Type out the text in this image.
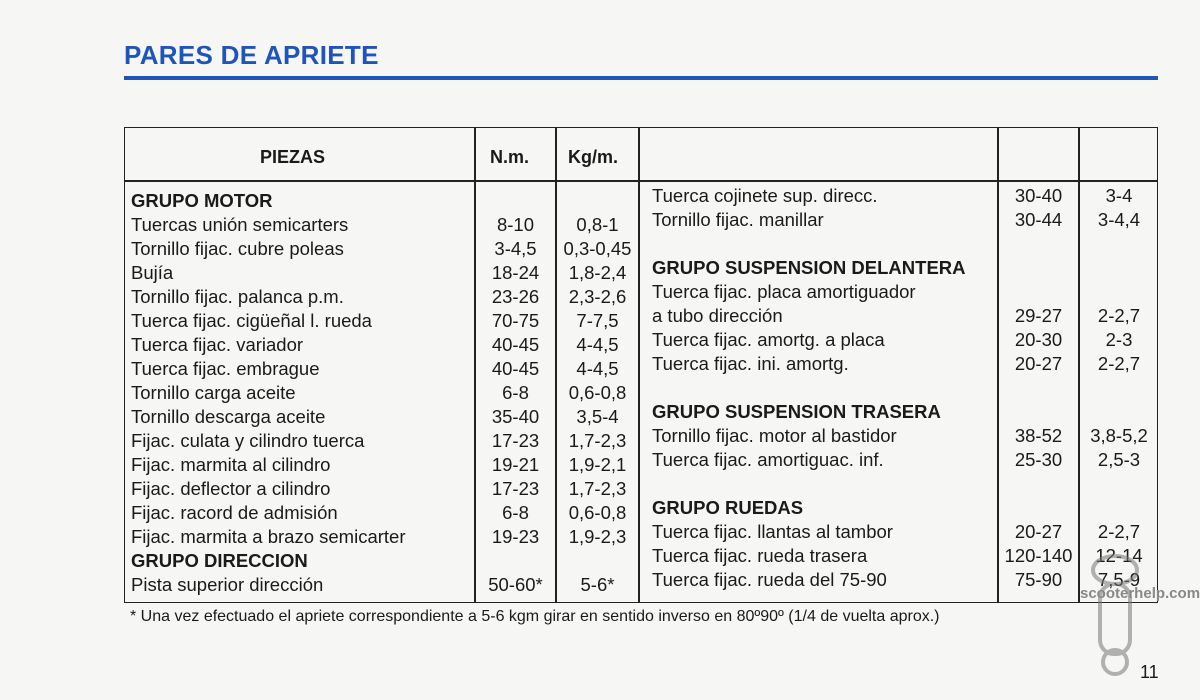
PARES DE APRIETE
PIEZAS	N.m. Kg/m.
GRUPO MOTOR
Tuercas unión semicarters	8-10	0,8-1
Tornillo fijac. cubre poleas	3-4,5	0,3-0,45
Bujía	18-24	1,8-2,4
Tornillo fijac. palanca p.m.	23-26	2,3-2,6
Tuerca fijac. cigüeñal l. rueda	70-75	7-7,5
Tuerca fijac. variador	40-45	4-4,5
Tuerca fijac. embrague	40-45	4-4,5
Tornillo carga aceite	6-8	0,6-0,8
Tornillo descarga aceite	35-40	3,5-4
Fijac. culata y cilindro tuerca	17-23	1,7-2,3
Fijac. marmita al cilindro	19-21	1,9-2,1
Fijac. deflector a cilindro	17-23	1,7-2,3
Fijac. racord de admisión	6-8	0,6-0,8
Fijac. marmita a brazo semicarter	19-23	1,9-2,3
GRUPO DIRECCION
Pista superior dirección	50-60*	5-6*
Tuerca cojinete sup. direcc.	30-40	3-4
Tornillo fijac. manillar	30-44	3-4,4
GRUPO SUSPENSION DELANTERA
Tuerca fijac. placa amortiguador
a tubo dirección	29-27	2-2,7
Tuerca fijac. amortg. a placa	20-30	2-3
Tuerca fijac. ini. amortg.	20-27	2-2,7
GRUPO SUSPENSION TRASERA
Tornillo fijac. motor al bastidor	38-52	3,8-5,2
Tuerca fijac. amortiguac. inf.	25-30	2,5-3
GRUPO RUEDAS
Tuerca fijac. llantas al tambor	20-27	2-2,7
Tuerca fijac. rueda trasera	120-140	12-14
Tuerca fijac. rueda del 75-90	75-90	7,5-9
* Una vez efectuado el apriete correspondiente a 5-6 kgm girar en sentido inverso en 80º90º (1/4 de vuelta aprox.)
scooterhelp.com
11
